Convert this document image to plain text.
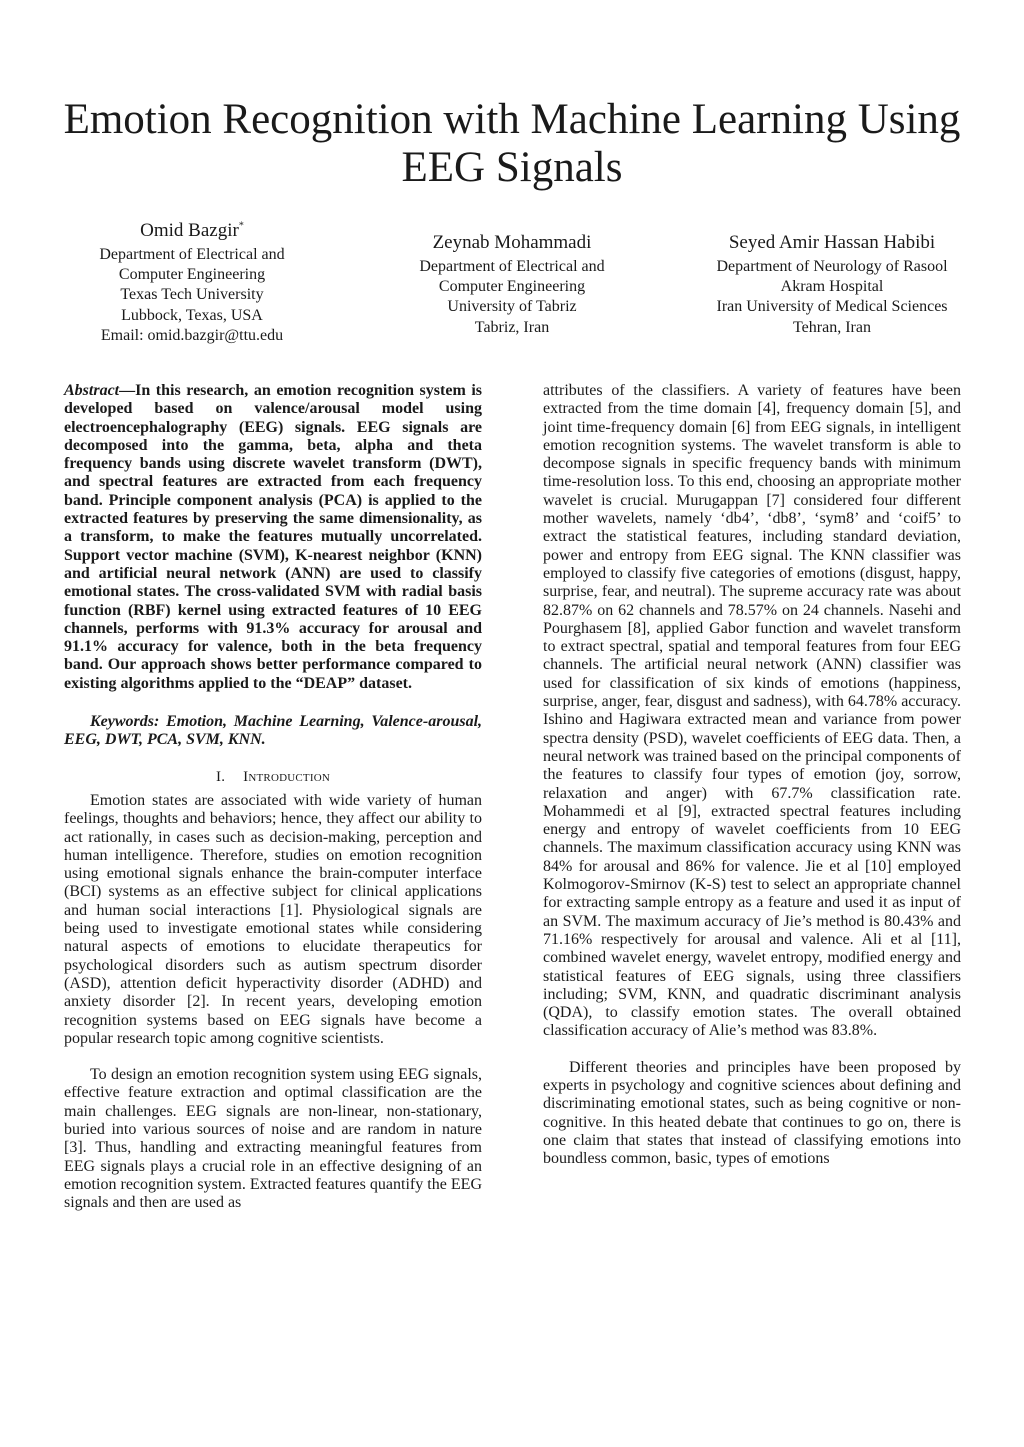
Emotion Recognition with Machine Learning Using
EEG Signals
Omid Bazgir*
Department of Electrical and
Computer Engineering
Texas Tech University
Lubbock, Texas, USA
Email: omid.bazgir@ttu.edu
Zeynab Mohammadi
Department of Electrical and
Computer Engineering
University of Tabriz
Tabriz, Iran
Seyed Amir Hassan Habibi
Department of Neurology of Rasool
Akram Hospital
Iran University of Medical Sciences
Tehran, Iran

Abstract—In this research, an emotion recognition system is developed based on valence/arousal model using electroencephalography (EEG) signals. EEG signals are decomposed into the gamma, beta, alpha and theta frequency bands using discrete wavelet transform (DWT), and spectral features are extracted from each frequency band. Principle component analysis (PCA) is applied to the extracted features by preserving the same dimensionality, as a transform, to make the features mutually uncorrelated. Support vector machine (SVM), K-nearest neighbor (KNN) and artificial neural network (ANN) are used to classify emotional states. The cross-validated SVM with radial basis function (RBF) kernel using extracted features of 10 EEG channels, performs with 91.3% accuracy for arousal and 91.1% accuracy for valence, both in the beta frequency band. Our approach shows better performance compared to existing algorithms applied to the “DEAP” dataset.

Keywords: Emotion, Machine Learning, Valence-arousal, EEG, DWT, PCA, SVM, KNN.

I. Introduction

Emotion states are associated with wide variety of human feelings, thoughts and behaviors; hence, they affect our ability to act rationally, in cases such as decision-making, perception and human intelligence. Therefore, studies on emotion recognition using emotional signals enhance the brain-computer interface (BCI) systems as an effective subject for clinical applications and human social interactions [1]. Physiological signals are being used to investigate emotional states while considering natural aspects of emotions to elucidate therapeutics for psychological disorders such as autism spectrum disorder (ASD), attention deficit hyperactivity disorder (ADHD) and anxiety disorder [2]. In recent years, developing emotion recognition systems based on EEG signals have become a popular research topic among cognitive scientists.

To design an emotion recognition system using EEG signals, effective feature extraction and optimal classification are the main challenges. EEG signals are non-linear, non-stationary, buried into various sources of noise and are random in nature [3]. Thus, handling and extracting meaningful features from EEG signals plays a crucial role in an effective designing of an emotion recognition system. Extracted features quantify the EEG signals and then are used as

attributes of the classifiers. A variety of features have been extracted from the time domain [4], frequency domain [5], and joint time-frequency domain [6] from EEG signals, in intelligent emotion recognition systems. The wavelet transform is able to decompose signals in specific frequency bands with minimum time-resolution loss. To this end, choosing an appropriate mother wavelet is crucial. Murugappan [7] considered four different mother wavelets, namely ‘db4’, ‘db8’, ‘sym8’ and ‘coif5’ to extract the statistical features, including standard deviation, power and entropy from EEG signal. The KNN classifier was employed to classify five categories of emotions (disgust, happy, surprise, fear, and neutral). The supreme accuracy rate was about 82.87% on 62 channels and 78.57% on 24 channels. Nasehi and Pourghasem [8], applied Gabor function and wavelet transform to extract spectral, spatial and temporal features from four EEG channels. The artificial neural network (ANN) classifier was used for classification of six kinds of emotions (happiness, surprise, anger, fear, disgust and sadness), with 64.78% accuracy. Ishino and Hagiwara extracted mean and variance from power spectra density (PSD), wavelet coefficients of EEG data. Then, a neural network was trained based on the principal components of the features to classify four types of emotion (joy, sorrow, relaxation and anger) with 67.7% classification rate. Mohammedi et al [9], extracted spectral features including energy and entropy of wavelet coefficients from 10 EEG channels. The maximum classification accuracy using KNN was 84% for arousal and 86% for valence. Jie et al [10] employed Kolmogorov-Smirnov (K-S) test to select an appropriate channel for extracting sample entropy as a feature and used it as input of an SVM. The maximum accuracy of Jie’s method is 80.43% and 71.16% respectively for arousal and valence. Ali et al [11], combined wavelet energy, wavelet entropy, modified energy and statistical features of EEG signals, using three classifiers including; SVM, KNN, and quadratic discriminant analysis (QDA), to classify emotion states. The overall obtained classification accuracy of Alie’s method was 83.8%.

Different theories and principles have been proposed by experts in psychology and cognitive sciences about defining and discriminating emotional states, such as being cognitive or non-cognitive. In this heated debate that continues to go on, there is one claim that states that instead of classifying emotions into boundless common, basic, types of emotions
